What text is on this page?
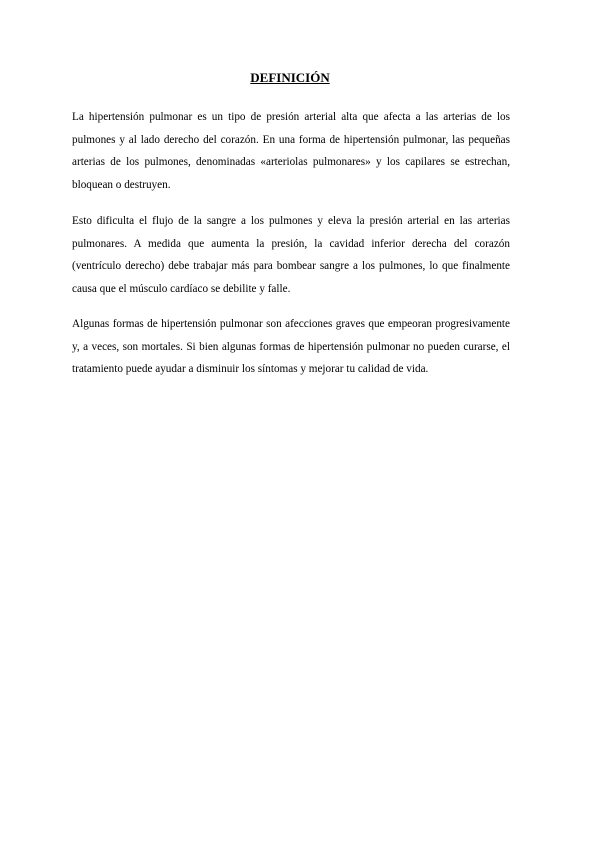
DEFINICIÓN

La hipertensión pulmonar es un tipo de presión arterial alta que afecta a las arterias de los pulmones y al lado derecho del corazón. En una forma de hipertensión pulmonar, las pequeñas arterias de los pulmones, denominadas «arteriolas pulmonares» y los capilares se estrechan, bloquean o destruyen.

Esto dificulta el flujo de la sangre a los pulmones y eleva la presión arterial en las arterias pulmonares. A medida que aumenta la presión, la cavidad inferior derecha del corazón (ventrículo derecho) debe trabajar más para bombear sangre a los pulmones, lo que finalmente causa que el músculo cardíaco se debilite y falle.

Algunas formas de hipertensión pulmonar son afecciones graves que empeoran progresivamente y, a veces, son mortales. Si bien algunas formas de hipertensión pulmonar no pueden curarse, el tratamiento puede ayudar a disminuir los síntomas y mejorar tu calidad de vida.
